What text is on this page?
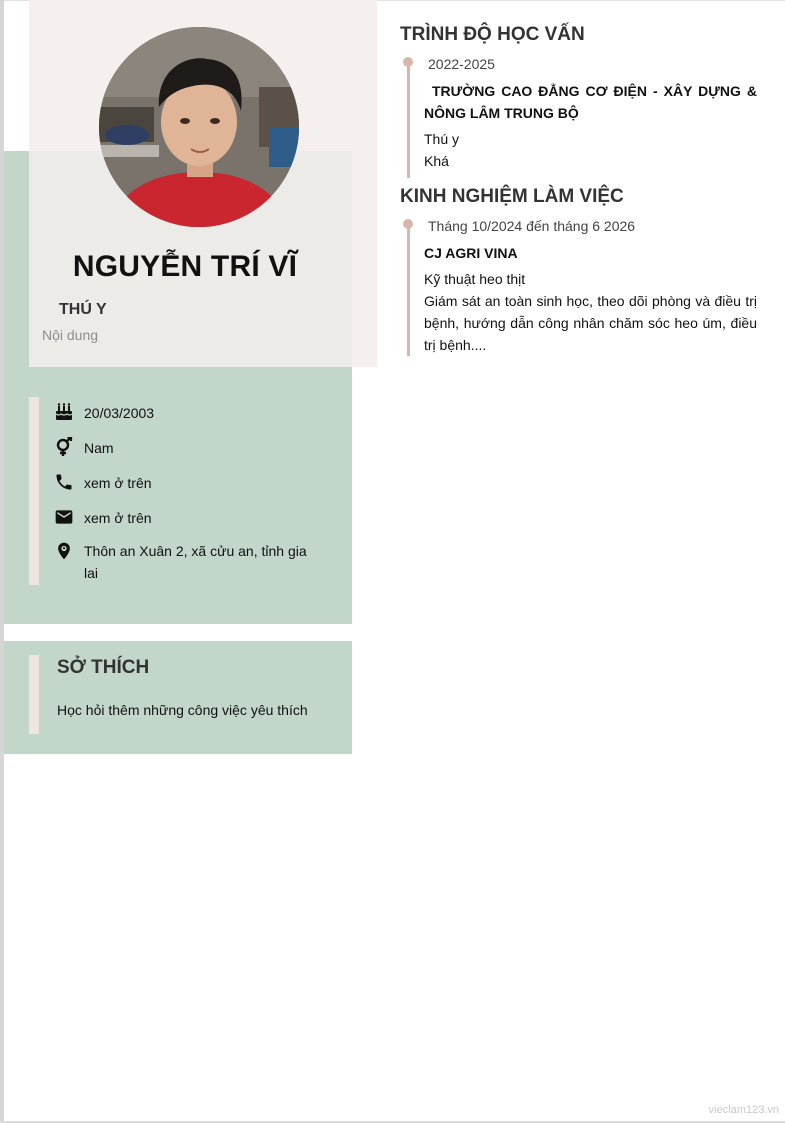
NGUYỄN TRÍ VĨ
THÚ Y
Nội dung
20/03/2003
Nam
xem ở trên
xem ở trên
Thôn an Xuân 2, xã cửu an, tỉnh gia lai
SỞ THÍCH
Học hỏi thêm những công việc yêu thích
TRÌNH ĐỘ HỌC VẤN
2022-2025
TRƯỜNG CAO ĐẲNG CƠ ĐIỆN - XÂY DỰNG & NÔNG LÂM TRUNG BỘ
Thú y
Khá
KINH NGHIỆM LÀM VIỆC
Tháng 10/2024 đến tháng 6 2026
CJ AGRI VINA
Kỹ thuật heo thịt
Giám sát an toàn sinh học, theo dõi phòng và điều trị bệnh, hướng dẫn công nhân chăm sóc heo úm, điều trị bệnh....
vieclam123.vn
